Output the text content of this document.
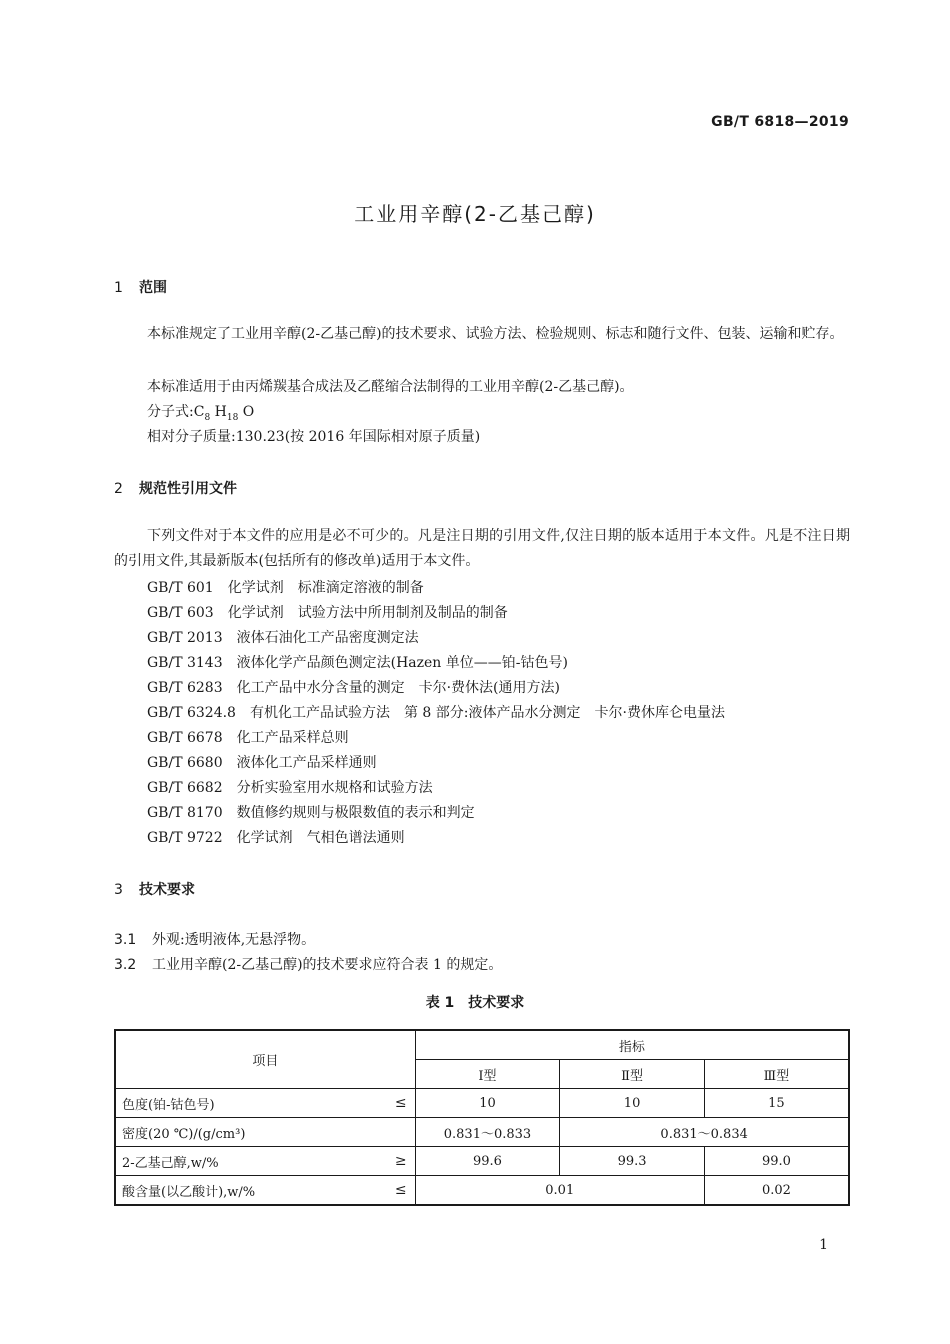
GB/T 6818—2019
工业用辛醇(2-乙基己醇)
1 范围

本标准规定了工业用辛醇(2-乙基己醇)的技术要求、试验方法、检验规则、标志和随行文件、包装、运输和贮存。

本标准适用于由丙烯羰基合成法及乙醛缩合法制得的工业用辛醇(2-乙基己醇)。
分子式$:C_8$ $H_{18}$ O
相对分子质量:130.23(按 2016 年国际相对原子质量)
2 规范性引用文件

下列文件对于本文件的应用是必不可少的。凡是注日期的引用文件,仅注日期的版本适用于本文件。凡是不注日期的引用文件,其最新版本(包括所有的修改单)适用于本文件。

GB/T 601　 化学试剂　标准滴定溶液的制备
GB/T 603　 化学试剂　试验方法中所用制剂及制品的制备
GB/T 2013　 液体石油化工产品密度测定法
GB/T 3143　 液体化学产品颜色测定法(Hazen 单位——铂-钴色号)
GB/T 6283　 化工产品中水分含量的测定　卡尔·费休法(通用方法)
GB/T 6324.8　 有机化工产品试验方法　第 8 部分:液体产品水分测定　卡尔·费休库仑电量法
GB/T 6678　 化工产品采样总则
GB/T 6680　 液体化工产品采样通则
GB/T 6682　 分析实验室用水规格和试验方法
GB/T 8170　 数值修约规则与极限数值的表示和判定
GB/T 9722　 化学试剂　气相色谱法通则
3 技术要求
3.1 外观:透明液体,无悬浮物。
3.2 工业用辛醇(2-乙基己醇)的技术要求应符合表 1 的规定。
表 1　技术要求
项目	指标		
	Ⅰ型	Ⅱ型	Ⅲ型
色度(铂-钴色号) ≤	10	10	15
密度(20 ℃)/(g/cm³)	0.831～0.833	0.831～0.834	
2-乙基己醇,w/% ≥	99.6	99.3	99.0
酸含量(以乙酸计),w/% ≤	0.01		0.02
1
